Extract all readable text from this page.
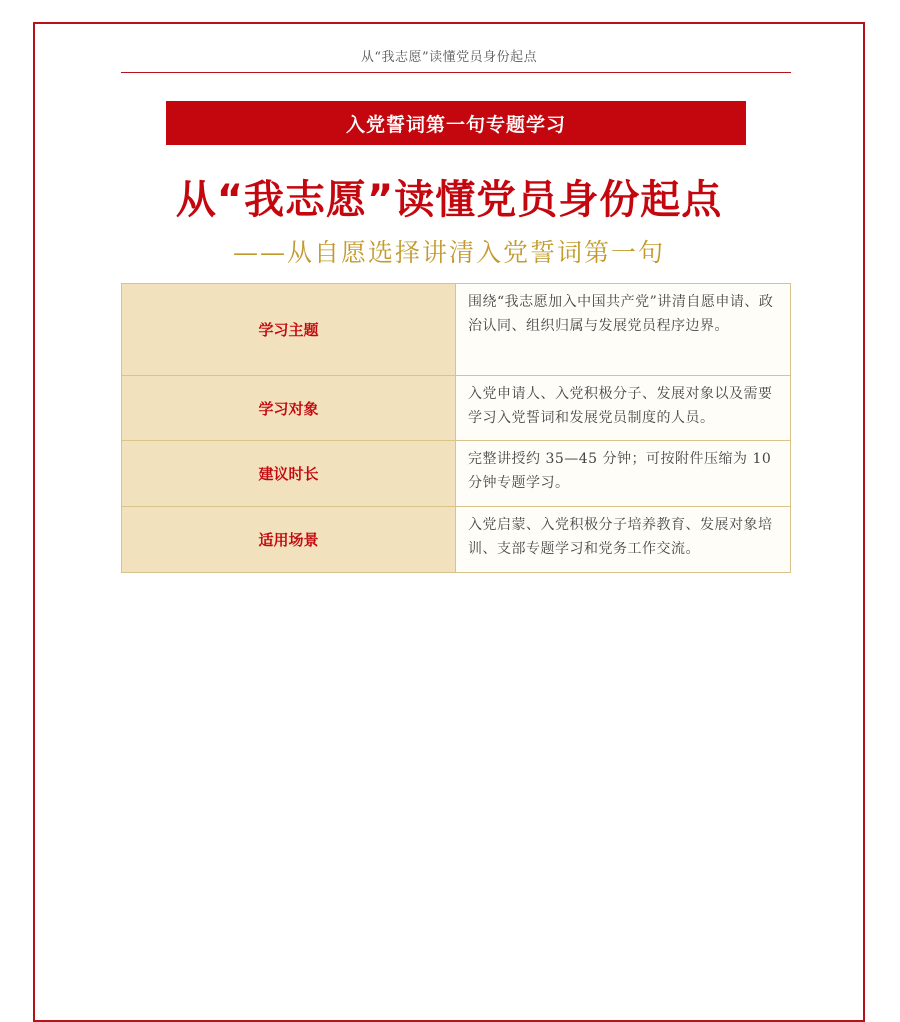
从“我志愿”读懂党员身份起点
入党誓词第一句专题学习
从“我志愿”读懂党员身份起点
——从自愿选择讲清入党誓词第一句
学习主题	围绕“我志愿加入中国共产党”讲清自愿申请、政治认同、组织归属与发展党员程序边界。
学习对象	入党申请人、入党积极分子、发展对象以及需要学习入党誓词和发展党员制度的人员。
建议时长	完整讲授约 35—45 分钟；可按附件压缩为 10 分钟专题学习。
适用场景	入党启蒙、入党积极分子培养教育、发展对象培训、支部专题学习和党务工作交流。
